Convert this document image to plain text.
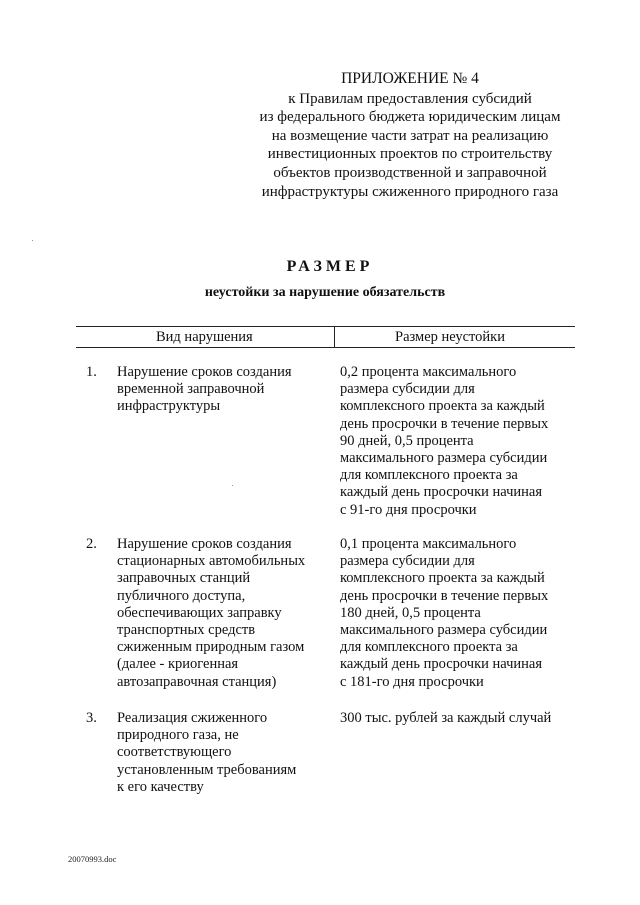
ПРИЛОЖЕНИЕ № 4
к Правилам предоставления субсидий
из федерального бюджета юридическим лицам
на возмещение части затрат на реализацию
инвестиционных проектов по строительству
объектов производственной и заправочной
инфраструктуры сжиженного природного газа
РАЗМЕР
неустойки за нарушение обязательств
Вид нарушения	Размер неустойки
1. Нарушение сроков создания
временной заправочной
инфраструктуры
0,2 процента максимального
размера субсидии для
комплексного проекта за каждый
день просрочки в течение первых
90 дней, 0,5 процента
максимального размера субсидии
для комплексного проекта за
каждый день просрочки начиная
с 91-го дня просрочки
2. Нарушение сроков создания
стационарных автомобильных
заправочных станций
публичного доступа,
обеспечивающих заправку
транспортных средств
сжиженным природным газом
(далее - криогенная
автозаправочная станция)
0,1 процента максимального
размера субсидии для
комплексного проекта за каждый
день просрочки в течение первых
180 дней, 0,5 процента
максимального размера субсидии
для комплексного проекта за
каждый день просрочки начиная
с 181-го дня просрочки
3. Реализация сжиженного
природного газа, не
соответствующего
установленным требованиям
к его качеству
300 тыс. рублей за каждый случай
20070993.doc
